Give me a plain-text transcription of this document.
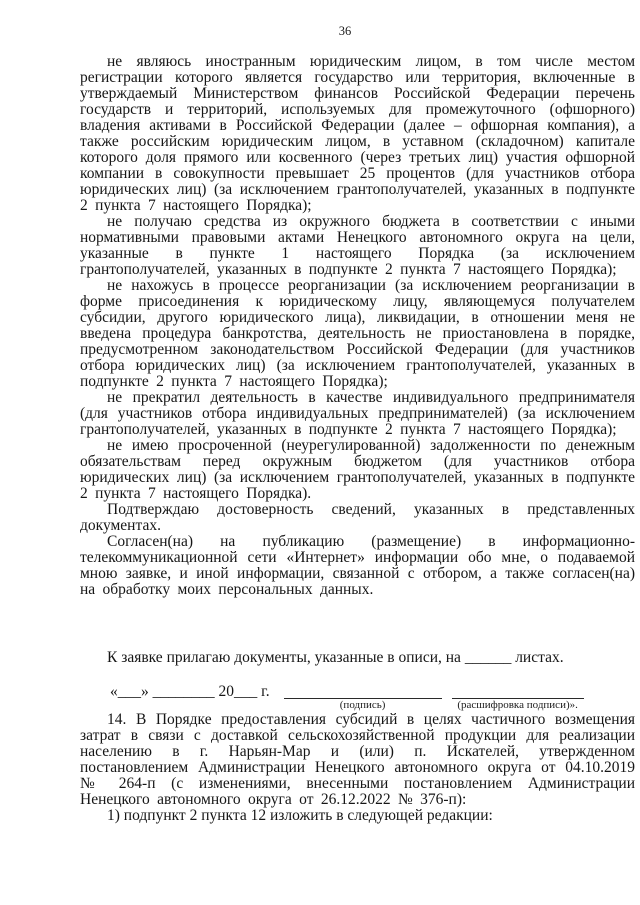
36

не являюсь иностранным юридическим лицом, в том числе местом регистрации которого является государство или территория, включенные в утверждаемый Министерством финансов Российской Федерации перечень государств и территорий, используемых для промежуточного (офшорного) владения активами в Российской Федерации (далее – офшорная компания), а также российским юридическим лицом, в уставном (складочном) капитале которого доля прямого или косвенного (через третьих лиц) участия офшорной компании в совокупности превышает 25 процентов (для участников отбора юридических лиц) (за исключением грантополучателей, указанных в подпункте 2 пункта 7 настоящего Порядка);

не получаю средства из окружного бюджета в соответствии с иными нормативными правовыми актами Ненецкого автономного округа на цели, указанные в пункте 1 настоящего Порядка (за исключением грантополучателей, указанных в подпункте 2 пункта 7 настоящего Порядка);

не нахожусь в процессе реорганизации (за исключением реорганизации в форме присоединения к юридическому лицу, являющемуся получателем субсидии, другого юридического лица), ликвидации, в отношении меня не введена процедура банкротства, деятельность не приостановлена в порядке, предусмотренном законодательством Российской Федерации (для участников отбора юридических лиц) (за исключением грантополучателей, указанных в подпункте 2 пункта 7 настоящего Порядка);

не прекратил деятельность в качестве индивидуального предпринимателя (для участников отбора индивидуальных предпринимателей) (за исключением грантополучателей, указанных в подпункте 2 пункта 7 настоящего Порядка);

не имею просроченной (неурегулированной) задолженности по денежным обязательствам перед окружным бюджетом (для участников отбора юридических лиц) (за исключением грантополучателей, указанных в подпункте 2 пункта 7 настоящего Порядка).

Подтверждаю достоверность сведений, указанных в представленных документах.

Согласен(на) на публикацию (размещение) в информационно-телекоммуникационной сети «Интернет» информации обо мне, о подаваемой мною заявке, и иной информации, связанной с отбором, а также согласен(на) на обработку моих персональных данных.

К заявке прилагаю документы, указанные в описи, на ______ листах.

«___» ________ 20___ г.
(подпись)	(расшифровка подписи)».

14. В Порядке предоставления субсидий в целях частичного возмещения затрат в связи с доставкой сельскохозяйственной продукции для реализации населению в г. Нарьян-Мар и (или) п. Искателей, утвержденном постановлением Администрации Ненецкого автономного округа от 04.10.2019 № 264-п (с изменениями, внесенными постановлением Администрации Ненецкого автономного округа от 26.12.2022 № 376-п):

1) подпункт 2 пункта 12 изложить в следующей редакции:
